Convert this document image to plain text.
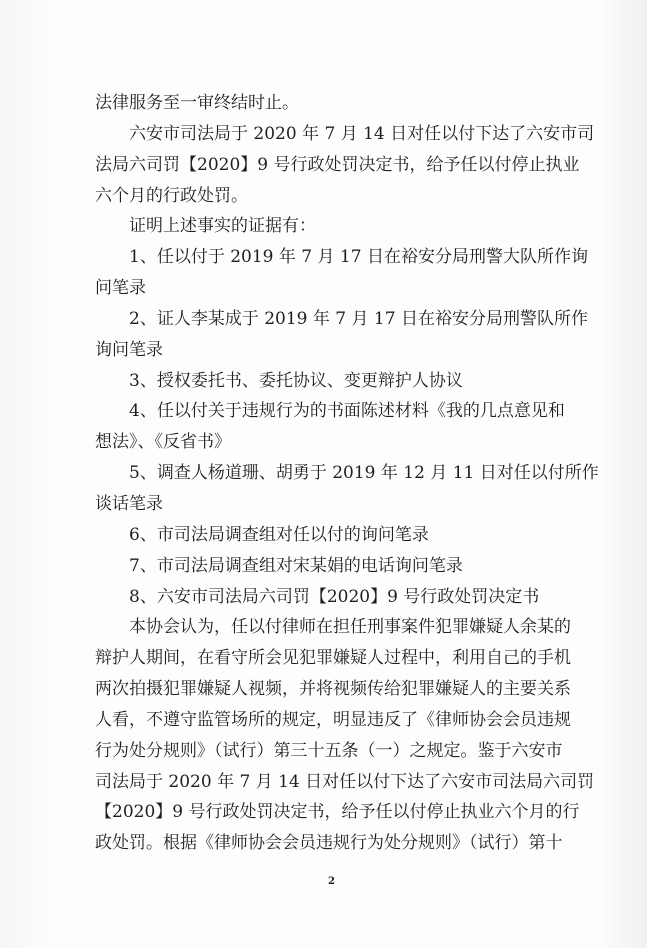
法律服务至一审终结时止。
六安市司法局于 2020 年 7 月 14 日对任以付下达了六安市司
法局六司罚【2020】9 号行政处罚决定书，给予任以付停止执业
六个月的行政处罚。
证明上述事实的证据有：
1、任以付于 2019 年 7 月 17 日在裕安分局刑警大队所作询
问笔录
2、证人李某成于 2019 年 7 月 17 日在裕安分局刑警队所作
询问笔录
3、授权委托书、委托协议、变更辩护人协议
4、任以付关于违规行为的书面陈述材料《我的几点意见和
想法》、《反省书》
5、调查人杨道珊、胡勇于 2019 年 12 月 11 日对任以付所作
谈话笔录
6、市司法局调查组对任以付的询问笔录
7、市司法局调查组对宋某娟的电话询问笔录
8、六安市司法局六司罚【2020】9 号行政处罚决定书
本协会认为，任以付律师在担任刑事案件犯罪嫌疑人余某的
辩护人期间，在看守所会见犯罪嫌疑人过程中，利用自己的手机
两次拍摄犯罪嫌疑人视频，并将视频传给犯罪嫌疑人的主要关系
人看，不遵守监管场所的规定，明显违反了《律师协会会员违规
行为处分规则》（试行）第三十五条（一）之规定。鉴于六安市
司法局于 2020 年 7 月 14 日对任以付下达了六安市司法局六司罚
【2020】9 号行政处罚决定书，给予任以付停止执业六个月的行
政处罚。根据《律师协会会员违规行为处分规则》（试行）第十
2
